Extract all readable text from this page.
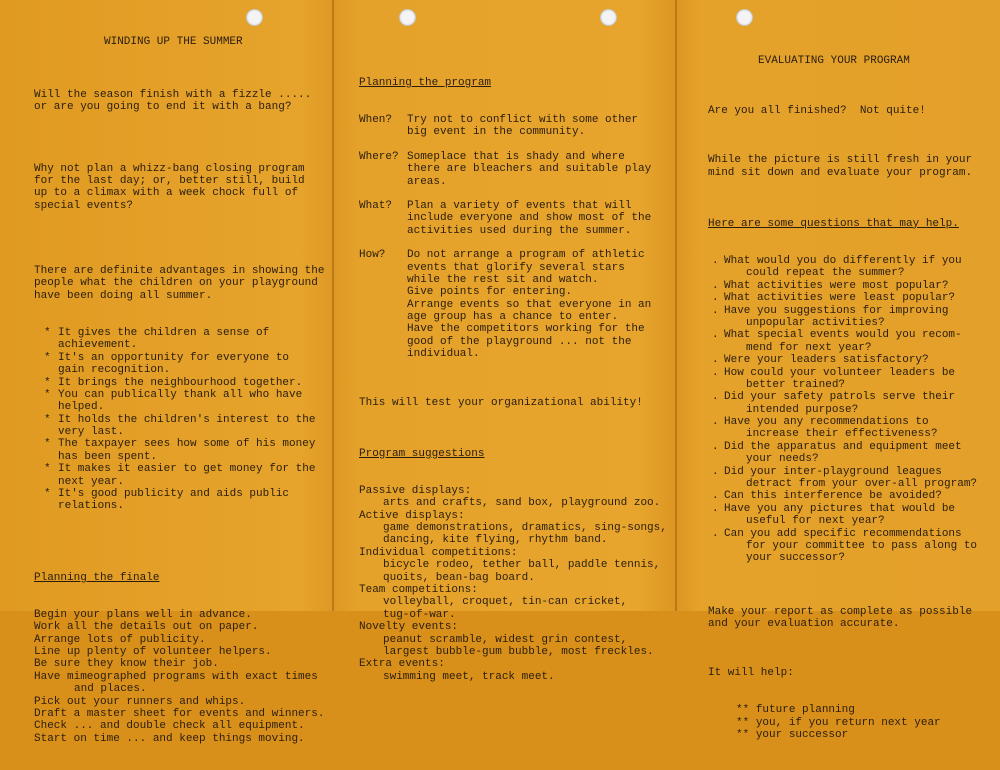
WINDING UP THE SUMMER

Will the season finish with a fizzle .....
or are you going to end it with a bang?

Why not plan a whizz-bang closing program
for the last day; or, better still, build
up to a climax with a week chock full of
special events?

There are definite advantages in showing the
people what the children on your playground
have been doing all summer.

* It gives the children a sense of
achievement.
* It's an opportunity for everyone to
gain recognition.
* It brings the neighbourhood together.
* You can publically thank all who have
helped.
* It holds the children's interest to the
very last.
* The taxpayer sees how some of his money
has been spent.
* It makes it easier to get money for the
next year.
* It's good publicity and aids public
relations.

Planning the finale

Begin your plans well in advance.
Work all the details out on paper.
Arrange lots of publicity.
Line up plenty of volunteer helpers.
Be sure they know their job.
Have mimeographed programs with exact times
and places.
Pick out your runners and whips.
Draft a master sheet for events and winners.
Check ... and double check all equipment.
Start on time ... and keep things moving.

Planning the program

When?	Try not to conflict with some other
big event in the community.
Where? Someplace that is shady and where
there are bleachers and suitable play
areas.
What?	Plan a variety of events that will
include everyone and show most of the
activities used during the summer.
How?	Do not arrange a program of athletic
events that glorify several stars
while the rest sit and watch.
Give points for entering.
Arrange events so that everyone in an
age group has a chance to enter.
Have the competitors working for the
good of the playground ... not the
individual.

This will test your organizational ability!

Program suggestions

Passive displays:
arts and crafts, sand box, playground zoo.
Active displays:
game demonstrations, dramatics, sing-songs,
dancing, kite flying, rhythm band.
Individual competitions:
bicycle rodeo, tether ball, paddle tennis,
quoits, bean-bag board.
Team competitions:
volleyball, croquet, tin-can cricket,
tug-of-war.
Novelty events:
peanut scramble, widest grin contest,
largest bubble-gum bubble, most freckles.
Extra events:
swimming meet, track meet.

EVALUATING YOUR PROGRAM

Are you all finished?  Not quite!

While the picture is still fresh in your
mind sit down and evaluate your program.

Here are some questions that may help.

. What would you do differently if you
could repeat the summer?
. What activities were most popular?
. What activities were least popular?
. Have you suggestions for improving
unpopular activities?
. What special events would you recom-
mend for next year?
. Were your leaders satisfactory?
. How could your volunteer leaders be
better trained?
. Did your safety patrols serve their
intended purpose?
. Have you any recommendations to
increase their effectiveness?
. Did the apparatus and equipment meet
your needs?
. Did your inter-playground leagues
detract from your over-all program?
. Can this interference be avoided?
. Have you any pictures that would be
useful for next year?
. Can you add specific recommendations
for your committee to pass along to
your successor?

Make your report as complete as possible
and your evaluation accurate.

It will help:

** future planning
** you, if you return next year
** your successor
